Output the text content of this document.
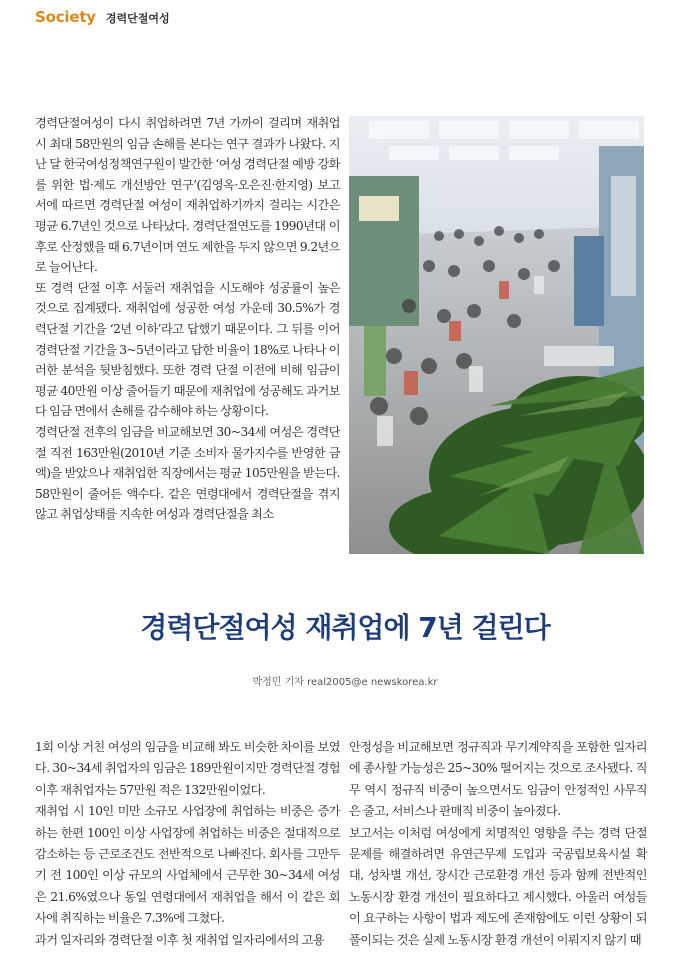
Society 경력단절여성

경력단절여성이 다시 취업하려면 7년 가까이 걸리며 재취업 시 최대 58만원의 임금 손해를 본다는 연구 결과가 나왔다. 지난 달 한국여성정책연구원이 발간한 ‘여성 경력단절 예방 강화를 위한 법·제도 개선방안 연구’(김영옥·오은진·한지영) 보고서에 따르면 경력단절 여성이 재취업하기까지 걸리는 시간은 평균 6.7년인 것으로 나타났다. 경력단절연도를 1990년대 이후로 산정했을 때 6.7년이며 연도 제한을 두지 않으면 9.2년으로 늘어난다.

또 경력 단절 이후 서둘러 재취업을 시도해야 성공률이 높은 것으로 집계됐다. 재취업에 성공한 여성 가운데 30.5%가 경력단절 기간을 ‘2년 이하’라고 답했기 때문이다. 그 뒤를 이어 경력단절 기간을 3~5년이라고 답한 비율이 18%로 나타나 이러한 분석을 뒷받침했다. 또한 경력 단절 이전에 비해 임금이 평균 40만원 이상 줄어들기 때문에 재취업에 성공해도 과거보다 임금 면에서 손해를 감수해야 하는 상황이다.

경력단절 전후의 임금을 비교해보면 30~34세 여성은 경력단절 직전 163만원(2010년 기준 소비자 물가지수를 반영한 금액)을 받았으나 재취업한 직장에서는 평균 105만원을 받는다. 58만원이 줄어든 액수다. 같은 연령대에서 경력단절을 겪지 않고 취업상태를 지속한 여성과 경력단절을 최소

경력단절여성 재취업에 7년 걸린다
박정민 기자 real2005@e newskorea.kr

1회 이상 거친 여성의 임금을 비교해 봐도 비슷한 차이를 보였다. 30~34세 취업자의 임금은 189만원이지만 경력단절 경험 이후 재취업자는 57만원 적은 132만원이었다.

재취업 시 10인 미만 소규모 사업장에 취업하는 비중은 증가하는 한편 100인 이상 사업장에 취업하는 비중은 절대적으로 감소하는 등 근로조건도 전반적으로 나빠진다. 회사를 그만두기 전 100인 이상 규모의 사업체에서 근무한 30~34세 여성은 21.6%였으나 동일 연령대에서 재취업을 해서 이 같은 회사에 취직하는 비율은 7.3%에 그쳤다.

과거 일자리와 경력단절 이후 첫 재취업 일자리에서의 고용

안정성을 비교해보면 정규직과 무기계약직을 포함한 일자리에 종사할 가능성은 25~30% 떨어지는 것으로 조사됐다. 직무 역시 정규직 비중이 높으면서도 임금이 안정적인 사무직은 줄고, 서비스나 판매직 비중이 높아졌다.

보고서는 이처럼 여성에게 치명적인 영향을 주는 경력 단절 문제를 해결하려면 유연근무제 도입과 국공립보육시설 확대, 성차별 개선, 장시간 근로환경 개선 등과 함께 전반적인 노동시장 환경 개선이 필요하다고 제시했다. 아울러 여성들이 요구하는 사항이 법과 제도에 존재함에도 이런 상황이 되풀이되는 것은 실제 노동시장 환경 개선이 이뤄지지 않기 때
